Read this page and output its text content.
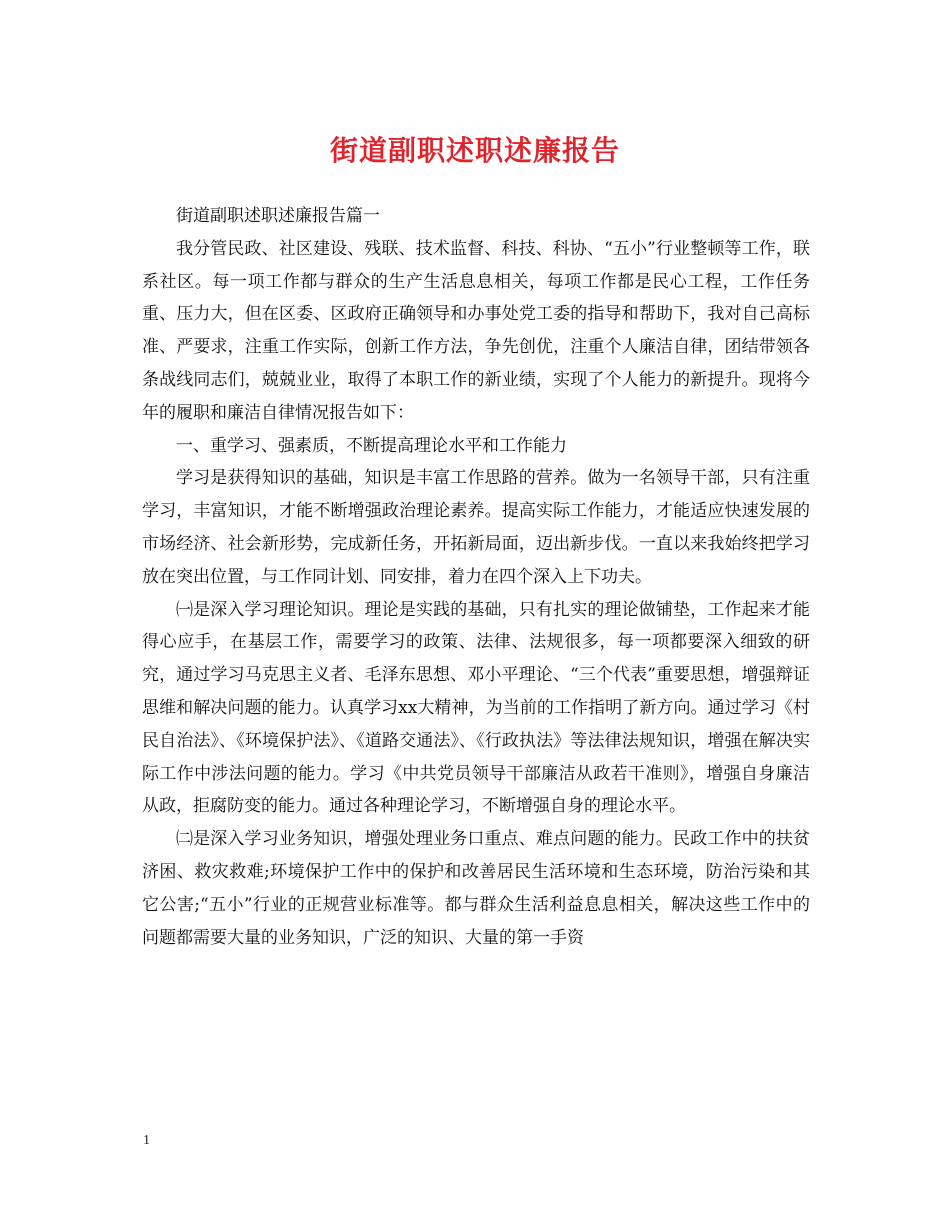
街道副职述职述廉报告

街道副职述职述廉报告篇一

我分管民政、社区建设、残联、技术监督、科技、科协、“五小”行业整顿等工作，联系社区。每一项工作都与群众的生产生活息息相关，每项工作都是民心工程，工作任务重、压力大，但在区委、区政府正确领导和办事处党工委的指导和帮助下，我对自己高标准、严要求，注重工作实际，创新工作方法，争先创优，注重个人廉洁自律，团结带领各条战线同志们，兢兢业业，取得了本职工作的新业绩，实现了个人能力的新提升。现将今年的履职和廉洁自律情况报告如下：

一、重学习、强素质，不断提高理论水平和工作能力

学习是获得知识的基础，知识是丰富工作思路的营养。做为一名领导干部，只有注重学习，丰富知识，才能不断增强政治理论素养。提高实际工作能力，才能适应快速发展的市场经济、社会新形势，完成新任务，开拓新局面，迈出新步伐。一直以来我始终把学习放在突出位置，与工作同计划、同安排，着力在四个深入上下功夫。

㈠是深入学习理论知识。理论是实践的基础，只有扎实的理论做铺垫，工作起来才能得心应手，在基层工作，需要学习的政策、法律、法规很多，每一项都要深入细致的研究，通过学习马克思主义者、毛泽东思想、邓小平理论、“三个代表”重要思想，增强辩证思维和解决问题的能力。认真学习xx大精神，为当前的工作指明了新方向。通过学习《村民自治法》、《环境保护法》、《道路交通法》、《行政执法》等法律法规知识，增强在解决实际工作中涉法问题的能力。学习《中共党员领导干部廉洁从政若干准则》，增强自身廉洁从政，拒腐防变的能力。通过各种理论学习，不断增强自身的理论水平。

㈡是深入学习业务知识，增强处理业务口重点、难点问题的能力。民政工作中的扶贫济困、救灾救难;环境保护工作中的保护和改善居民生活环境和生态环境，防治污染和其它公害;“五小”行业的正规营业标准等。都与群众生活利益息息相关，解决这些工作中的问题都需要大量的业务知识，广泛的知识、大量的第一手资

1
